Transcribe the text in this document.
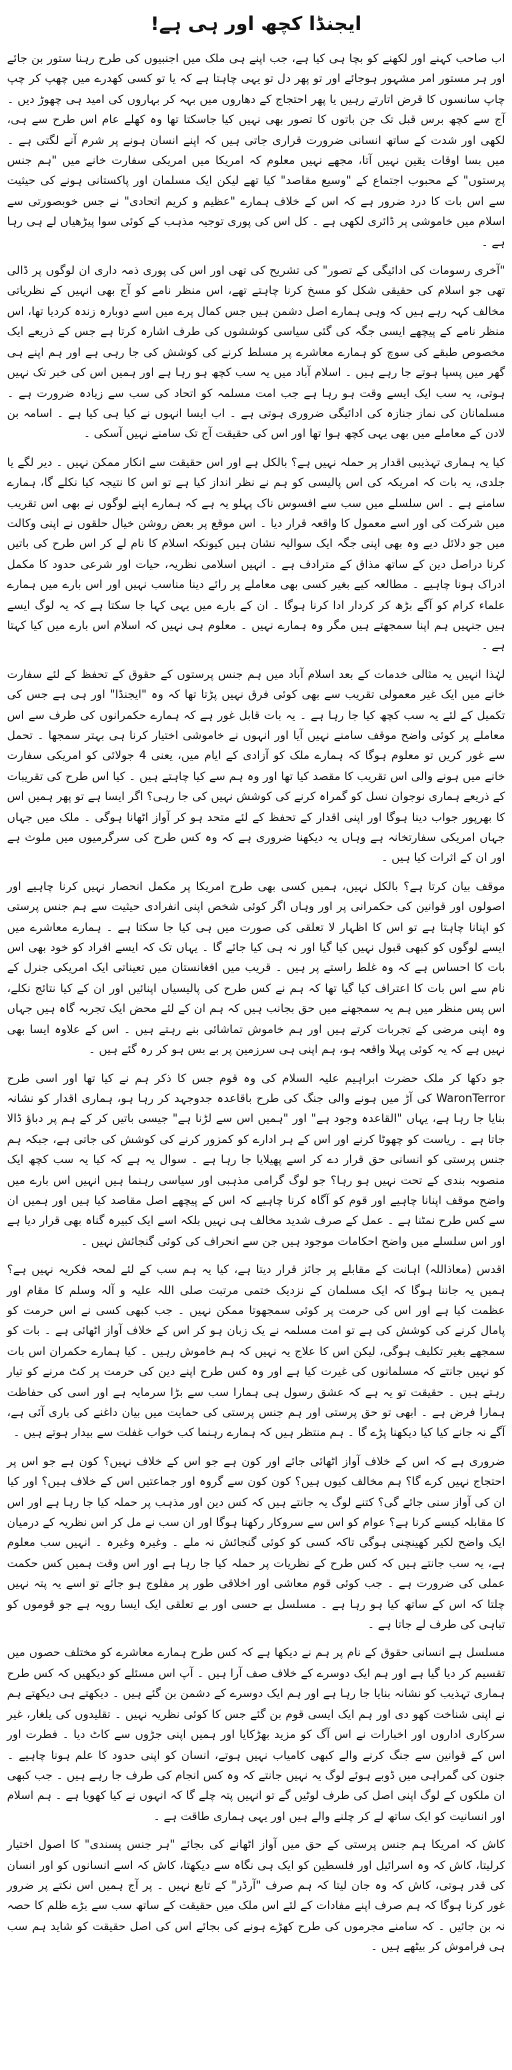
ایجنڈا کچھ اور ہی ہے!

اب صاحب کہنے اور لکھنے کو بچا ہی کیا ہے، جب اپنے ہی ملک میں اجنبیوں کی طرح رہنا ستور بن جائے اور ہر مستور امر مشہور ہوجائے اور تو پھر دل تو یہی چاہتا ہے کہ یا تو کسی کھدرے میں چھپ کر چپ چاپ سانسوں کا قرض اتارتے رہیں یا پھر احتجاج کے دھاروں میں بہہ کر بہاروں کی امید ہی چھوڑ دیں ۔ آج سے کچھ برس قبل تک جن باتوں کا تصور بھی نہیں کیا جاسکتا تھا وہ کھلے عام اس طرح سے ہی، لکھی اور شدت کے ساتھ انسانی ضرورت قراری جاتی ہیں کہ اپنے انسان ہونے پر شرم آنے لگتی ہے ۔ میں بسا اوقات یقین نہیں آتا، مجھے نہیں معلوم کہ امریکا میں امریکی سفارت خانے میں "ہم جنس پرستوں" کے محبوب اجتماع کے "وسیع مقاصد" کیا تھے لیکن ایک مسلمان اور پاکستانی ہونے کی حیثیت سے اس بات کا درد ضرور ہے کہ اس کے خلاف ہمارے "عظیم و کریم اتحادی" نے جس خوبصورتی سے اسلام میں خاموشی پر ڈائری لکھی ہے ۔ کل اس کی پوری توجیہ مذہب کے کوئی سوا پیڑھیاں لے ہی رہا ہے ۔

"آخری رسومات کی ادائیگی کے تصور" کی تشریح کی تھی اور اس کی پوری ذمہ داری ان لوگوں پر ڈالی تھی جو اسلام کی حقیقی شکل کو مسخ کرنا چاہتے تھے، اس منظر نامے کو آج بھی انہیں کے نظریاتی مخالف کہہ رہے ہیں کہ وہی ہمارے اصل دشمن ہیں جس کمال پرے میں اسے دوبارہ زندہ کردیا تھا، اس منظر نامے کے پیچھے ایسی جگہ کی گئی سیاسی کوششوں کی طرف اشارہ کرتا ہے جس کے ذریعے ایک مخصوص طبقے کی سوچ کو ہمارے معاشرے پر مسلط کرنے کی کوشش کی جا رہی ہے اور ہم اپنے ہی گھر میں پسپا ہوتے جا رہے ہیں ۔ اسلام آباد میں یہ سب کچھ ہو رہا ہے اور ہمیں اس کی خبر تک نہیں ہوتی، یہ سب ایک ایسے وقت ہو رہا ہے جب امت مسلمہ کو اتحاد کی سب سے زیادہ ضرورت ہے ۔ مسلمانان کی نماز جنازہ کی ادائیگی ضروری ہوتی ہے ۔ اب ایسا انہوں نے کیا ہی کیا ہے ۔ اسامہ بن لادن کے معاملے میں بھی یہی کچھ ہوا تھا اور اس کی حقیقت آج تک سامنے نہیں آسکی ۔

کیا یہ ہماری تہذیبی اقدار پر حملہ نہیں ہے؟ بالکل ہے اور اس حقیقت سے انکار ممکن نہیں ۔ دیر لگے یا جلدی، یہ بات کہ امریکہ کی اس پالیسی کو ہم نے نظر انداز کیا ہے تو اس کا نتیجہ کیا نکلے گا، ہمارے سامنے ہے ۔ اس سلسلے میں سب سے افسوس ناک پہلو یہ ہے کہ ہمارے اپنے لوگوں نے بھی اس تقریب میں شرکت کی اور اسے معمول کا واقعہ قرار دیا ۔ اس موقع پر بعض روشن خیال حلقوں نے اپنی وکالت میں جو دلائل دیے وہ بھی اپنی جگہ ایک سوالیہ نشان ہیں کیونکہ اسلام کا نام لے کر اس طرح کی باتیں کرنا دراصل دین کے ساتھ مذاق کے مترادف ہے ۔ انہیں اسلامی نظریہ، حیات اور شرعی حدود کا مکمل ادراک ہونا چاہیے ۔ مطالعہ کیے بغیر کسی بھی معاملے پر رائے دینا مناسب نہیں اور اس بارے میں ہمارے علماء کرام کو آگے بڑھ کر کردار ادا کرنا ہوگا ۔ ان کے بارے میں یہی کہا جا سکتا ہے کہ یہ لوگ ایسے ہیں جنہیں ہم اپنا سمجھتے ہیں مگر وہ ہمارے نہیں ۔ معلوم ہی نہیں کہ اسلام اس بارے میں کیا کہتا ہے ۔

لہٰذا انہیں یہ مثالی خدمات کے بعد اسلام آباد میں ہم جنس پرستوں کے حقوق کے تحفظ کے لئے سفارت خانے میں ایک غیر معمولی تقریب سے بھی کوئی فرق نہیں پڑتا تھا کہ وہ "ایجنڈا" اور ہی ہے جس کی تکمیل کے لئے یہ سب کچھ کیا جا رہا ہے ۔ یہ بات قابل غور ہے کہ ہمارے حکمرانوں کی طرف سے اس معاملے پر کوئی واضح موقف سامنے نہیں آیا اور انہوں نے خاموشی اختیار کرنا ہی بہتر سمجھا ۔ تحمل سے غور کریں تو معلوم ہوگا کہ ہمارے ملک کو آزادی کے ایام میں، یعنی 4 جولائی کو امریکی سفارت خانے میں ہونے والی اس تقریب کا مقصد کیا تھا اور وہ ہم سے کیا چاہتے ہیں ۔ کیا اس طرح کی تقریبات کے ذریعے ہماری نوجوان نسل کو گمراہ کرنے کی کوشش نہیں کی جا رہی؟ اگر ایسا ہے تو پھر ہمیں اس کا بھرپور جواب دینا ہوگا اور اپنی اقدار کے تحفظ کے لئے متحد ہو کر آواز اٹھانا ہوگی ۔ ملک میں جہاں جہاں امریکی سفارتخانہ ہے وہاں یہ دیکھنا ضروری ہے کہ وہ کس طرح کی سرگرمیوں میں ملوث ہے اور ان کے اثرات کیا ہیں ۔

موقف بیان کرتا ہے؟ بالکل نہیں، ہمیں کسی بھی طرح امریکا پر مکمل انحصار نہیں کرنا چاہیے اور اصولوں اور قوانین کی حکمرانی پر اور وہاں اگر کوئی شخص اپنی انفرادی حیثیت سے ہم جنس پرستی کو اپنانا چاہتا ہے تو اس کا اظہار لا تعلقی کی صورت میں ہی کیا جا سکتا ہے ۔ ہمارے معاشرے میں ایسے لوگوں کو کبھی قبول نہیں کیا گیا اور نہ ہی کیا جائے گا ۔ یہاں تک کہ ایسے افراد کو خود بھی اس بات کا احساس ہے کہ وہ غلط راستے پر ہیں ۔ قریب میں افغانستان میں تعیناتی ایک امریکی جنرل کے نام سے اس بات کا اعتراف کیا گیا تھا کہ ہم نے کس طرح کی پالیسیاں اپنائیں اور ان کے کیا نتائج نکلے، اس پس منظر میں ہم یہ سمجھنے میں حق بجانب ہیں کہ ہم ان کے لئے محض ایک تجربہ گاہ ہیں جہاں وہ اپنی مرضی کے تجربات کرتے ہیں اور ہم خاموش تماشائی بنے رہتے ہیں ۔ اس کے علاوہ ایسا بھی نہیں ہے کہ یہ کوئی پہلا واقعہ ہو، ہم اپنی ہی سرزمین پر بے بس ہو کر رہ گئے ہیں ۔

جو دکھا کر ملک حضرت ابراہیم علیہ السلام کی وہ قوم جس کا ذکر ہم نے کیا تھا اور اسی طرح WaronTerror کی آڑ میں ہونے والی جنگ کی طرح باقاعدہ جدوجہد کر رہا ہو، ہماری اقدار کو نشانہ بنایا جا رہا ہے، یہاں "القاعدہ وجود ہے" اور "ہمیں اس سے لڑنا ہے" جیسی باتیں کر کے ہم پر دباؤ ڈالا جاتا ہے ۔ ریاست کو چھوٹا کرنے اور اس کے ہر ادارے کو کمزور کرنے کی کوشش کی جاتی ہے، جبکہ ہم جنس پرستی کو انسانی حق قرار دے کر اسے پھیلایا جا رہا ہے ۔ سوال یہ ہے کہ کیا یہ سب کچھ ایک منصوبہ بندی کے تحت نہیں ہو رہا؟ جو لوگ گرامی مذہبی اور سیاسی رہنما ہیں انہیں اس بارے میں واضح موقف اپنانا چاہیے اور قوم کو آگاہ کرنا چاہیے کہ اس کے پیچھے اصل مقاصد کیا ہیں اور ہمیں ان سے کس طرح نمٹنا ہے ۔ عمل کے صرف شدید مخالف ہی نہیں بلکہ اسے ایک کبیرہ گناہ بھی قرار دیا ہے اور اس سلسلے میں واضح احکامات موجود ہیں جن سے انحراف کی کوئی گنجائش نہیں ۔

اقدس (معاذاللہ) اہانت کے مقابلے پر جائز قرار دیتا ہے، کیا یہ ہم سب کے لئے لمحہ فکریہ نہیں ہے؟ ہمیں یہ جاننا ہوگا کہ ایک مسلمان کے نزدیک ختمی مرتبت صلی اللہ علیہ و آلہ وسلم کا مقام اور عظمت کیا ہے اور اس کی حرمت پر کوئی سمجھوتا ممکن نہیں ۔ جب کبھی کسی نے اس حرمت کو پامال کرنے کی کوشش کی ہے تو امت مسلمہ نے یک زبان ہو کر اس کے خلاف آواز اٹھائی ہے ۔ بات کو سمجھے بغیر تکلیف ہوگی، لیکن اس کا علاج یہ نہیں کہ ہم خاموش رہیں ۔ کیا ہمارے حکمران اس بات کو نہیں جانتے کہ مسلمانوں کی غیرت کیا ہے اور وہ کس طرح اپنے دین کی حرمت پر کٹ مرنے کو تیار رہتے ہیں ۔ حقیقت تو یہ ہے کہ عشق رسول ہی ہمارا سب سے بڑا سرمایہ ہے اور اسی کی حفاظت ہمارا فرض ہے ۔ ابھی تو حق پرستی اور ہم جنس پرستی کی حمایت میں بیان داغنے کی باری آئی ہے، آگے نہ جانے کیا کیا دیکھنا پڑے گا ۔ ہم منتظر ہیں کہ ہمارے رہنما کب خواب غفلت سے بیدار ہوتے ہیں ۔

ضروری ہے کہ اس کے خلاف آواز اٹھائی جائے اور کون ہے جو اس کے خلاف نہیں؟ کون ہے جو اس پر احتجاج نہیں کرے گا؟ ہم مخالف کیوں ہیں؟ کون کون سے گروہ اور جماعتیں اس کے خلاف ہیں؟ اور کیا ان کی آواز سنی جائے گی؟ کتنے لوگ یہ جانتے ہیں کہ کس دین اور مذہب پر حملہ کیا جا رہا ہے اور اس کا مقابلہ کیسے کرنا ہے؟ عوام کو اس سے سروکار رکھنا ہوگا اور ان سب نے مل کر اس نظریہ کے درمیان ایک واضح لکیر کھینچنی ہوگی تاکہ کسی کو کوئی گنجائش نہ ملے ۔ وغیرہ وغیرہ ۔ انہیں سب معلوم ہے، یہ سب جانتے ہیں کہ کس طرح کے نظریات پر حملہ کیا جا رہا ہے اور اس وقت ہمیں کس حکمت عملی کی ضرورت ہے ۔ جب کوئی قوم معاشی اور اخلاقی طور پر مفلوج ہو جائے تو اسے یہ پتہ نہیں چلتا کہ اس کے ساتھ کیا ہو رہا ہے ۔ مسلسل بے حسی اور بے تعلقی ایک ایسا رویہ ہے جو قوموں کو تباہی کی طرف لے جاتا ہے ۔

مسلسل ہے انسانی حقوق کے نام پر ہم نے دیکھا ہے کہ کس طرح ہمارے معاشرے کو مختلف حصوں میں تقسیم کر دیا گیا ہے اور ہم ایک دوسرے کے خلاف صف آرا ہیں ۔ آپ اس مسئلے کو دیکھیں کہ کس طرح ہماری تہذیب کو نشانہ بنایا جا رہا ہے اور ہم ایک دوسرے کے دشمن بن گئے ہیں ۔ دیکھتے ہی دیکھتے ہم نے اپنی شناخت کھو دی اور ہم ایک ایسی قوم بن گئے جس کا کوئی نظریہ نہیں ۔ تقلیدوں کی یلغار، غیر سرکاری اداروں اور اخبارات نے اس آگ کو مزید بھڑکایا اور ہمیں اپنی جڑوں سے کاٹ دیا ۔ فطرت اور اس کے قوانین سے جنگ کرنے والے کبھی کامیاب نہیں ہوتے، انسان کو اپنی حدود کا علم ہونا چاہیے ۔ جنون کی گمراہی میں ڈوبے ہوئے لوگ یہ نہیں جانتے کہ وہ کس انجام کی طرف جا رہے ہیں ۔ جب کبھی ان ملکوں کے لوگ اپنی اصل کی طرف لوٹیں گے تو انہیں پتہ چلے گا کہ انہوں نے کیا کھویا ہے ۔ ہم اسلام اور انسانیت کو ایک ساتھ لے کر چلنے والے ہیں اور یہی ہماری طاقت ہے ۔

کاش کہ امریکا ہم جنس پرستی کے حق میں آواز اٹھانے کی بجائے "ہر جنس پسندی" کا اصول اختیار کرلیتا، کاش کہ وہ اسرائیل اور فلسطین کو ایک ہی نگاہ سے دیکھتا، کاش کہ اسے انسانوں کو اور انسان کی قدر ہوتی، کاش کہ وہ جان لیتا کہ ہم صرف "آرڈر" کے تابع نہیں ۔ پر آج ہمیں اس نکتے پر ضرور غور کرنا ہوگا کہ ہم صرف اپنے مفادات کے لئے اس ملک میں حقیقت کے ساتھ سب سے بڑے ظلم کا حصہ نہ بن جائیں ۔ کہ سامنے مجرموں کی طرح کھڑے ہونے کی بجائے اس کی اصل حقیقت کو شاید ہم سب ہی فراموش کر بیٹھے ہیں ۔
